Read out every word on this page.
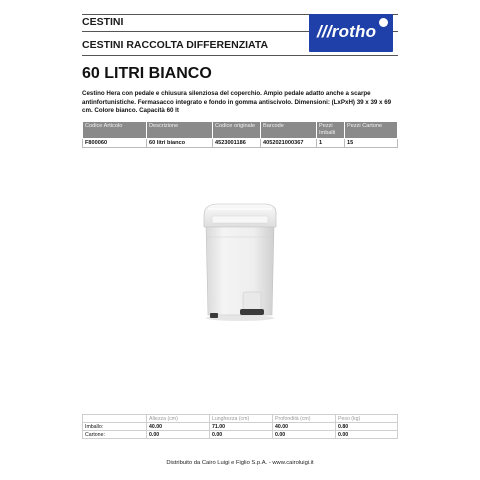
CESTINI
CESTINI RACCOLTA DIFFERENZIATA
///rotho
60 LITRI BIANCO
Cestino Hera con pedale e chiusura silenziosa del coperchio. Ampio pedale adatto anche a scarpe antinfortunistiche. Fermasacco integrato e fondo in gomma antiscivolo. Dimensioni: (LxPxH) 39 x 39 x 69 cm. Colore bianco. Capacità 60 lt
Codice Articolo	Descrizione	Codice originale	Barcode	Pezzi Imballi	Pezzi Cartone
F800060	60 litri bianco	4523001186	4052021000367	1	15
	Altezza (cm)	Lunghezza (cm)	Profondità (cm)	Peso (kg)
Imballo:	40.00	71.00	40.00	0.80
Cartone:	0.00	0.00	0.00	0.00
Distribuito da Cairo Luigi e Figlio S.p.A. - www.cairoluigi.it
